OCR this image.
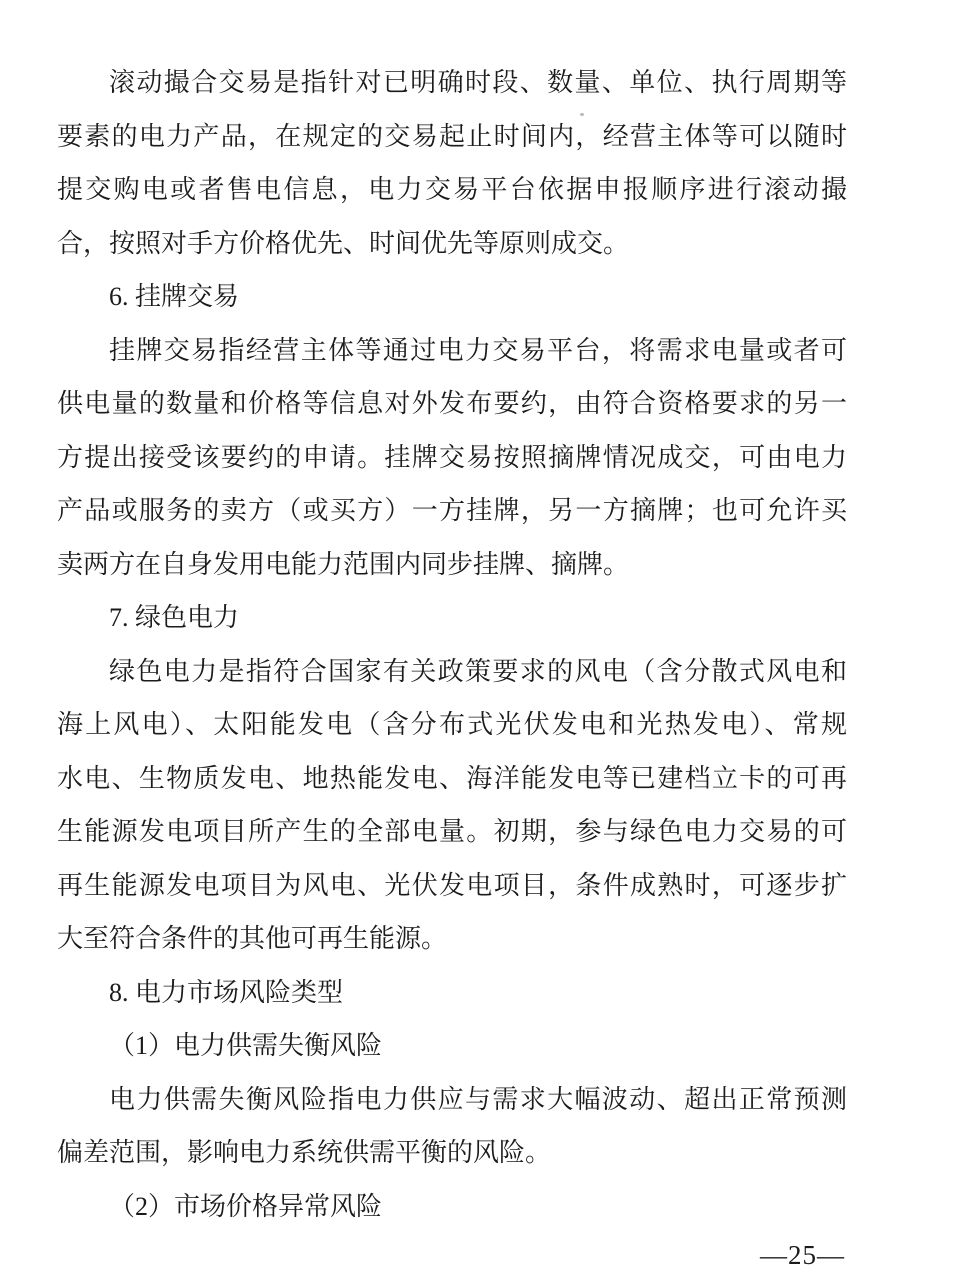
滚动撮合交易是指针对已明确时段、数量、单位、执行周期等
要素的电力产品，在规定的交易起止时间内，经营主体等可以随时
提交购电或者售电信息，电力交易平台依据申报顺序进行滚动撮
合，按照对手方价格优先、时间优先等原则成交。
6. 挂牌交易
挂牌交易指经营主体等通过电力交易平台，将需求电量或者可
供电量的数量和价格等信息对外发布要约，由符合资格要求的另一
方提出接受该要约的申请。挂牌交易按照摘牌情况成交，可由电力
产品或服务的卖方（或买方）一方挂牌，另一方摘牌；也可允许买
卖两方在自身发用电能力范围内同步挂牌、摘牌。
7. 绿色电力
绿色电力是指符合国家有关政策要求的风电（含分散式风电和
海上风电）、太阳能发电（含分布式光伏发电和光热发电）、常规
水电、生物质发电、地热能发电、海洋能发电等已建档立卡的可再
生能源发电项目所产生的全部电量。初期，参与绿色电力交易的可
再生能源发电项目为风电、光伏发电项目，条件成熟时，可逐步扩
大至符合条件的其他可再生能源。
8. 电力市场风险类型
（1）电力供需失衡风险
电力供需失衡风险指电力供应与需求大幅波动、超出正常预测
偏差范围，影响电力系统供需平衡的风险。
（2）市场价格异常风险
—25—
